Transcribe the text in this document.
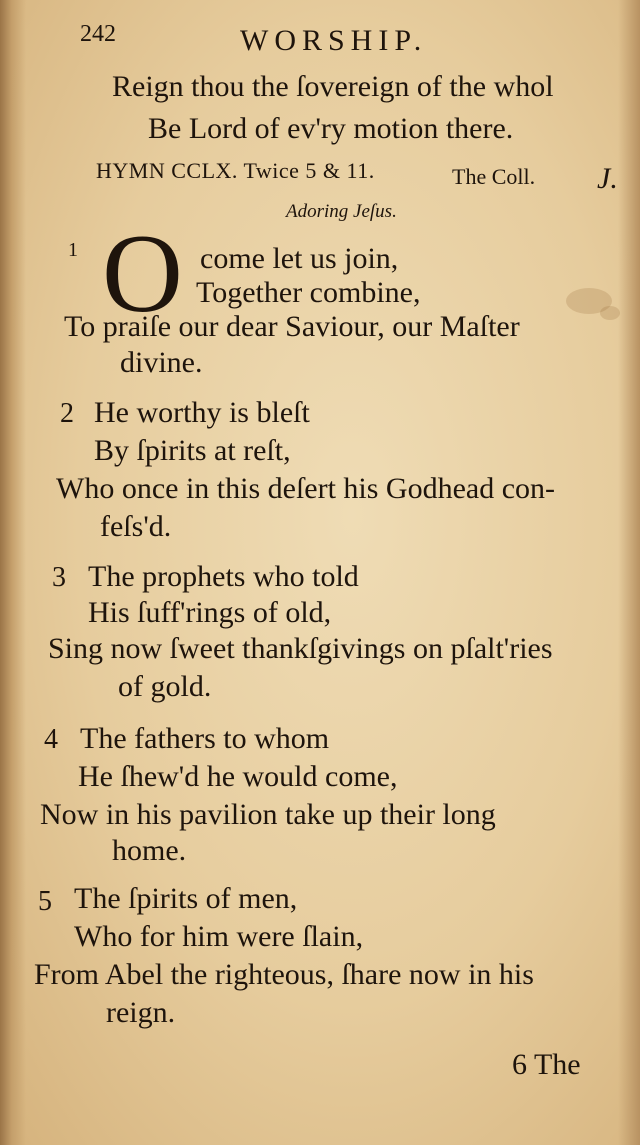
242	WORSHIP.
Reign thou the ſovereign of the whol
Be Lord of ev'ry motion there.
HYMN CCLX. Twice 5 & 11.	The Coll. J.
Adoring Jeſus.
1 O come let us join,
Together combine,
To praiſe our dear Saviour, our Maſter
divine.
2 He worthy is bleſt
By ſpirits at reſt,
Who once in this deſert his Godhead con-
feſs'd.
3 The prophets who told
His ſuff'rings of old,
Sing now ſweet thankſgivings on pſalt'ries
of gold.
4 The fathers to whom
He ſhew'd he would come,
Now in his pavilion take up their long
home.
5 The ſpirits of men,
Who for him were ſlain,
From Abel the righteous, ſhare now in his
reign.
6 The
